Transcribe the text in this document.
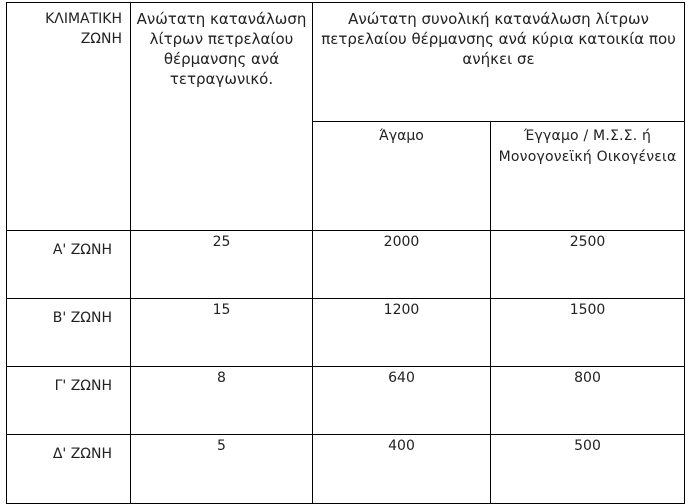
ΚΛΙΜΑΤΙΚΗ ΖΩΝΗ	Ανώτατη κατανάλωση λίτρων πετρελαίου θέρμανσης ανά τετραγωνικό.	Ανώτατη συνολική κατανάλωση λίτρων πετρελαίου θέρμανσης ανά κύρια κατοικία που ανήκει σε	
		Άγαμο	Έγγαμο / Μ.Σ.Σ. ή Μονογονεϊκή Οικογένεια
Α' ΖΩΝΗ	25	2000	2500
Β' ΖΩΝΗ	15	1200	1500
Γ' ΖΩΝΗ	8	640	800
Δ' ΖΩΝΗ	5	400	500
